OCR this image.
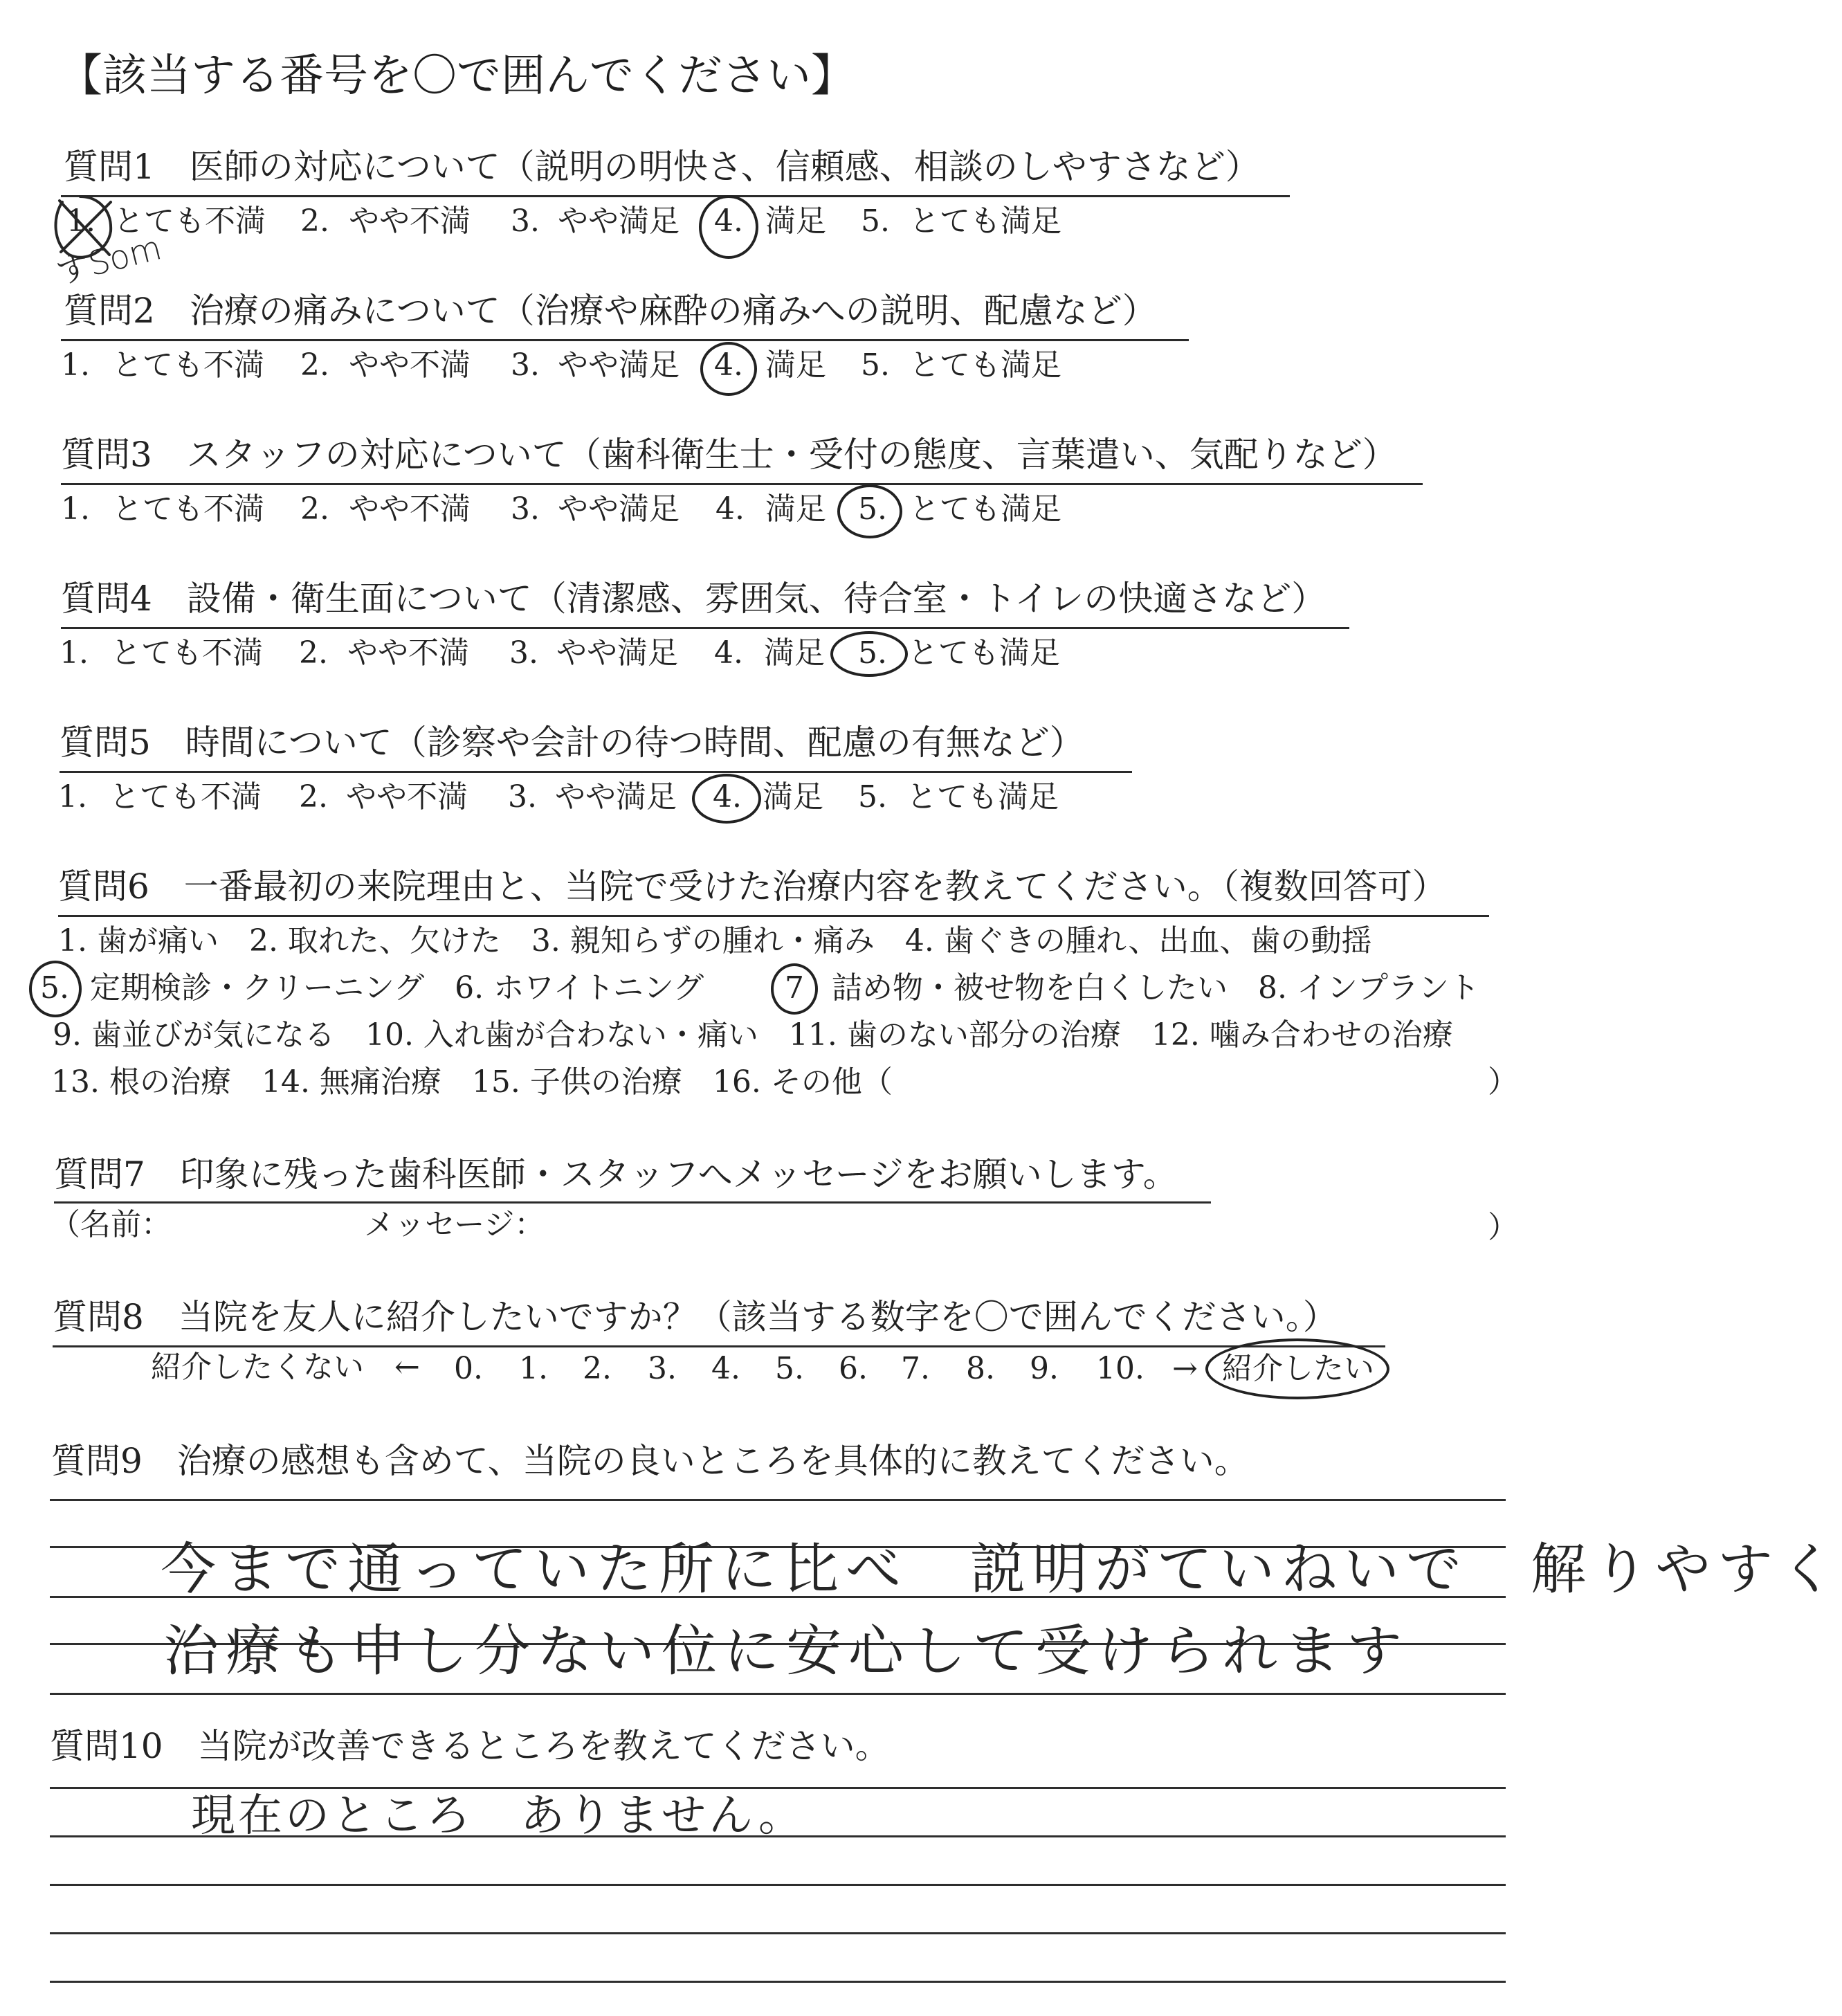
【該当する番号を〇で囲んでください】
質問1　医師の対応について（説明の明快さ、信頼感、相談のしやすさなど）
1. とても不満 2. やや不満 3. やや満足 4. 満足 5. とても満足
すSom
質問2　治療の痛みについて（治療や麻酔の痛みへの説明、配慮など）
1. とても不満 2. やや不満 3. やや満足 4. 満足 5. とても満足
質問3　スタッフの対応について（歯科衛生士・受付の態度、言葉遣い、気配りなど）
1. とても不満 2. やや不満 3. やや満足 4. 満足 5. とても満足
質問4　設備・衛生面について（清潔感、雰囲気、待合室・トイレの快適さなど）
1. とても不満 2. やや不満 3. やや満足 4. 満足 5. とても満足
質問5　時間について（診察や会計の待つ時間、配慮の有無など）
1. とても不満 2. やや不満 3. やや満足 4. 満足 5. とても満足
質問6　一番最初の来院理由と、当院で受けた治療内容を教えてください。（複数回答可）
1. 歯が痛い　2. 取れた、欠けた　3. 親知らずの腫れ・痛み　4. 歯ぐきの腫れ、出血、歯の動揺
5. 定期検診・クリーニング　6. ホワイトニング	7 詰め物・被せ物を白くしたい　8. インプラント
9. 歯並びが気になる　10. 入れ歯が合わない・痛い　11. 歯のない部分の治療　12. 噛み合わせの治療
13. 根の治療　14. 無痛治療　15. 子供の治療　16. その他（	）
質問7　印象に残った歯科医師・スタッフへメッセージをお願いします。
（名前：	メッセージ：	）
質問8　当院を友人に紹介したいですか？（該当する数字を〇で囲んでください。）
紹介したくない　← 0. 1. 2. 3. 4. 5. 6. 7. 8. 9. 10. → 紹介したい
質問9　治療の感想も含めて、当院の良いところを具体的に教えてください。
今まで通っていた所に比べ　説明がていねいで　解りやすく
治療も申し分ない位に安心して受けられます
質問10　当院が改善できるところを教えてください。
現在のところ　ありません。
